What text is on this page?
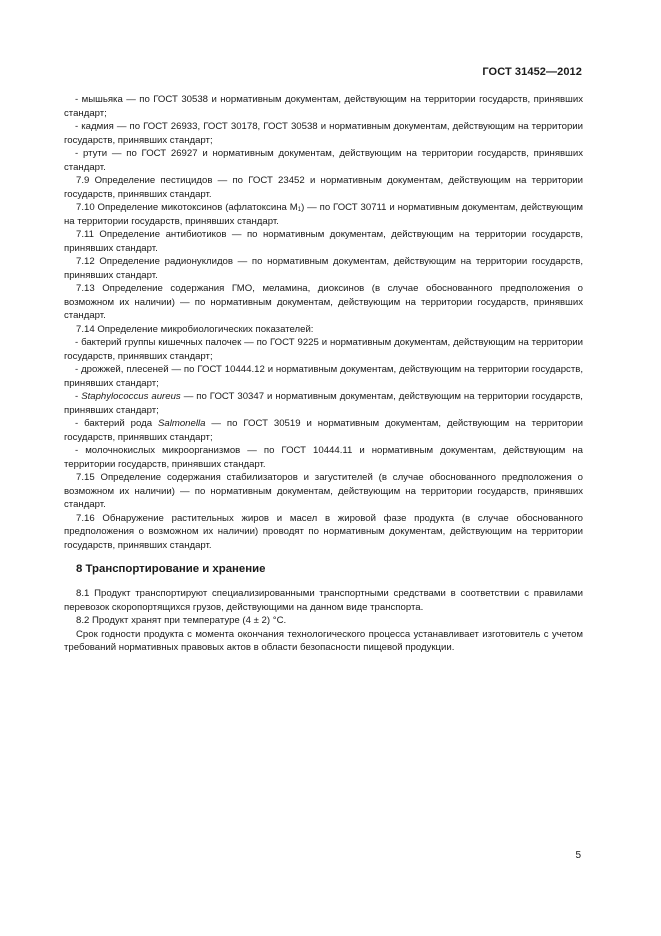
ГОСТ 31452—2012

- мышьяка — по ГОСТ 30538 и нормативным документам, действующим на территории государств, принявших стандарт;

- кадмия — по ГОСТ 26933, ГОСТ 30178, ГОСТ 30538 и нормативным документам, действующим на территории государств, принявших стандарт;

- ртути — по ГОСТ 26927 и нормативным документам, действующим на территории государств, принявших стандарт.

7.9 Определение пестицидов — по ГОСТ 23452 и нормативным документам, действующим на территории государств, принявших стандарт.

7.10 Определение микотоксинов (афлатоксина $М_1$) — по ГОСТ 30711 и нормативным документам, действующим на территории государств, принявших стандарт.

7.11 Определение антибиотиков — по нормативным документам, действующим на территории государств, принявших стандарт.

7.12 Определение радионуклидов — по нормативным документам, действующим на территории государств, принявших стандарт.

7.13 Определение содержания ГМО, меламина, диоксинов (в случае обоснованного предположения о возможном их наличии) — по нормативным документам, действующим на территории государств, принявших стандарт.

7.14 Определение микробиологических показателей:

- бактерий группы кишечных палочек — по ГОСТ 9225 и нормативным документам, действующим на территории государств, принявших стандарт;

- дрожжей, плесеней — по ГОСТ 10444.12 и нормативным документам, действующим на территории государств, принявших стандарт;

- Staphylococcus aureus — по ГОСТ 30347 и нормативным документам, действующим на территории государств, принявших стандарт;

- бактерий рода Salmonella — по ГОСТ 30519 и нормативным документам, действующим на территории государств, принявших стандарт;

- молочнокислых микроорганизмов — по ГОСТ 10444.11 и нормативным документам, действующим на территории государств, принявших стандарт.

7.15 Определение содержания стабилизаторов и загустителей (в случае обоснованного предположения о возможном их наличии) — по нормативным документам, действующим на территории государств, принявших стандарт.

7.16 Обнаружение растительных жиров и масел в жировой фазе продукта (в случае обоснованного предположения о возможном их наличии) проводят по нормативным документам, действующим на территории государств, принявших стандарт.

8 Транспортирование и хранение

8.1 Продукт транспортируют специализированными транспортными средствами в соответствии с правилами перевозок скоропортящихся грузов, действующими на данном виде транспорта.

8.2 Продукт хранят при температуре (4 ± 2) °С.

Срок годности продукта с момента окончания технологического процесса устанавливает изготовитель с учетом требований нормативных правовых актов в области безопасности пищевой продукции.

5
